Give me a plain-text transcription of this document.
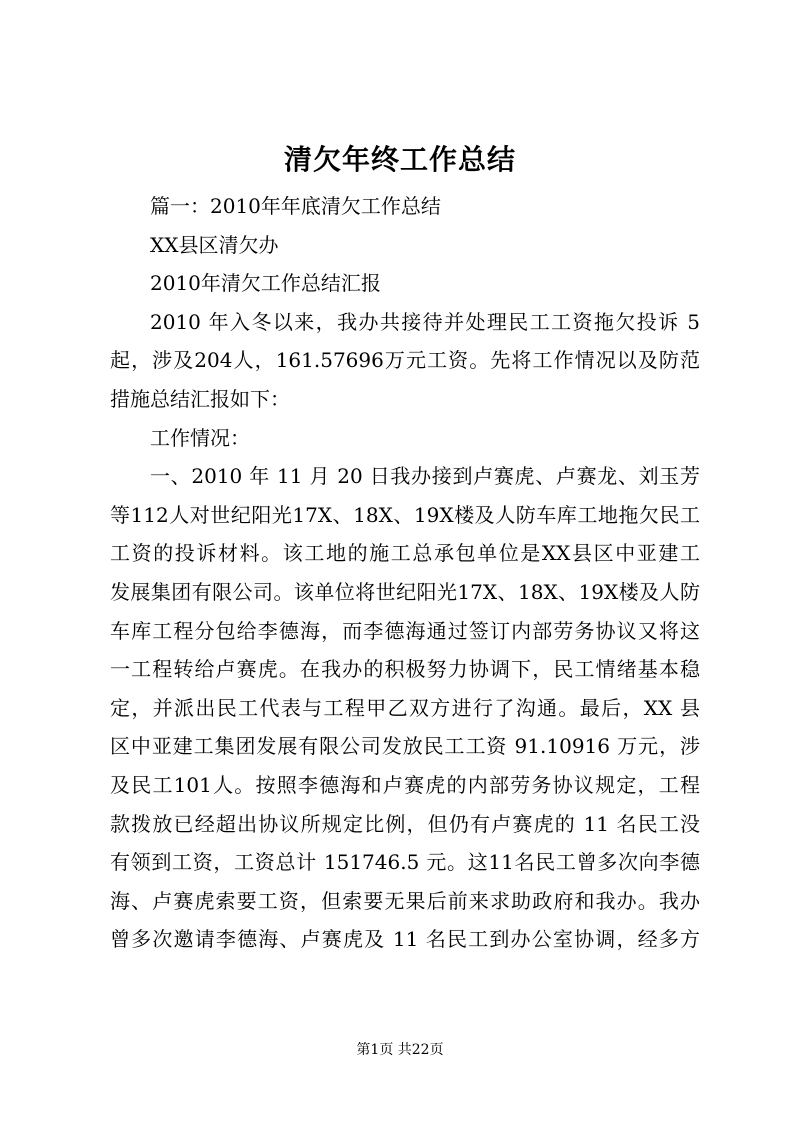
清欠年终工作总结
篇一：2010年年底清欠工作总结
XX县区清欠办
2010年清欠工作总结汇报
2010 年入冬以来，我办共接待并处理民工工资拖欠投诉 5
起，涉及204人，161.57696万元工资。先将工作情况以及防范
措施总结汇报如下：
工作情况：
一、2010 年 11 月 20 日我办接到卢赛虎、卢赛龙、刘玉芳
等112人对世纪阳光17X、18X、19X楼及人防车库工地拖欠民工
工资的投诉材料。该工地的施工总承包单位是XX县区中亚建工
发展集团有限公司。该单位将世纪阳光17X、18X、19X楼及人防
车库工程分包给李德海，而李德海通过签订内部劳务协议又将这
一工程转给卢赛虎。在我办的积极努力协调下，民工情绪基本稳
定，并派出民工代表与工程甲乙双方进行了沟通。最后，XX 县
区中亚建工集团发展有限公司发放民工工资 91.10916 万元，涉
及民工101人。按照李德海和卢赛虎的内部劳务协议规定，工程
款拨放已经超出协议所规定比例，但仍有卢赛虎的 11 名民工没
有领到工资，工资总计 151746.5 元。这11名民工曾多次向李德
海、卢赛虎索要工资，但索要无果后前来求助政府和我办。我办
曾多次邀请李德海、卢赛虎及 11 名民工到办公室协调，经多方
第1页 共22页
